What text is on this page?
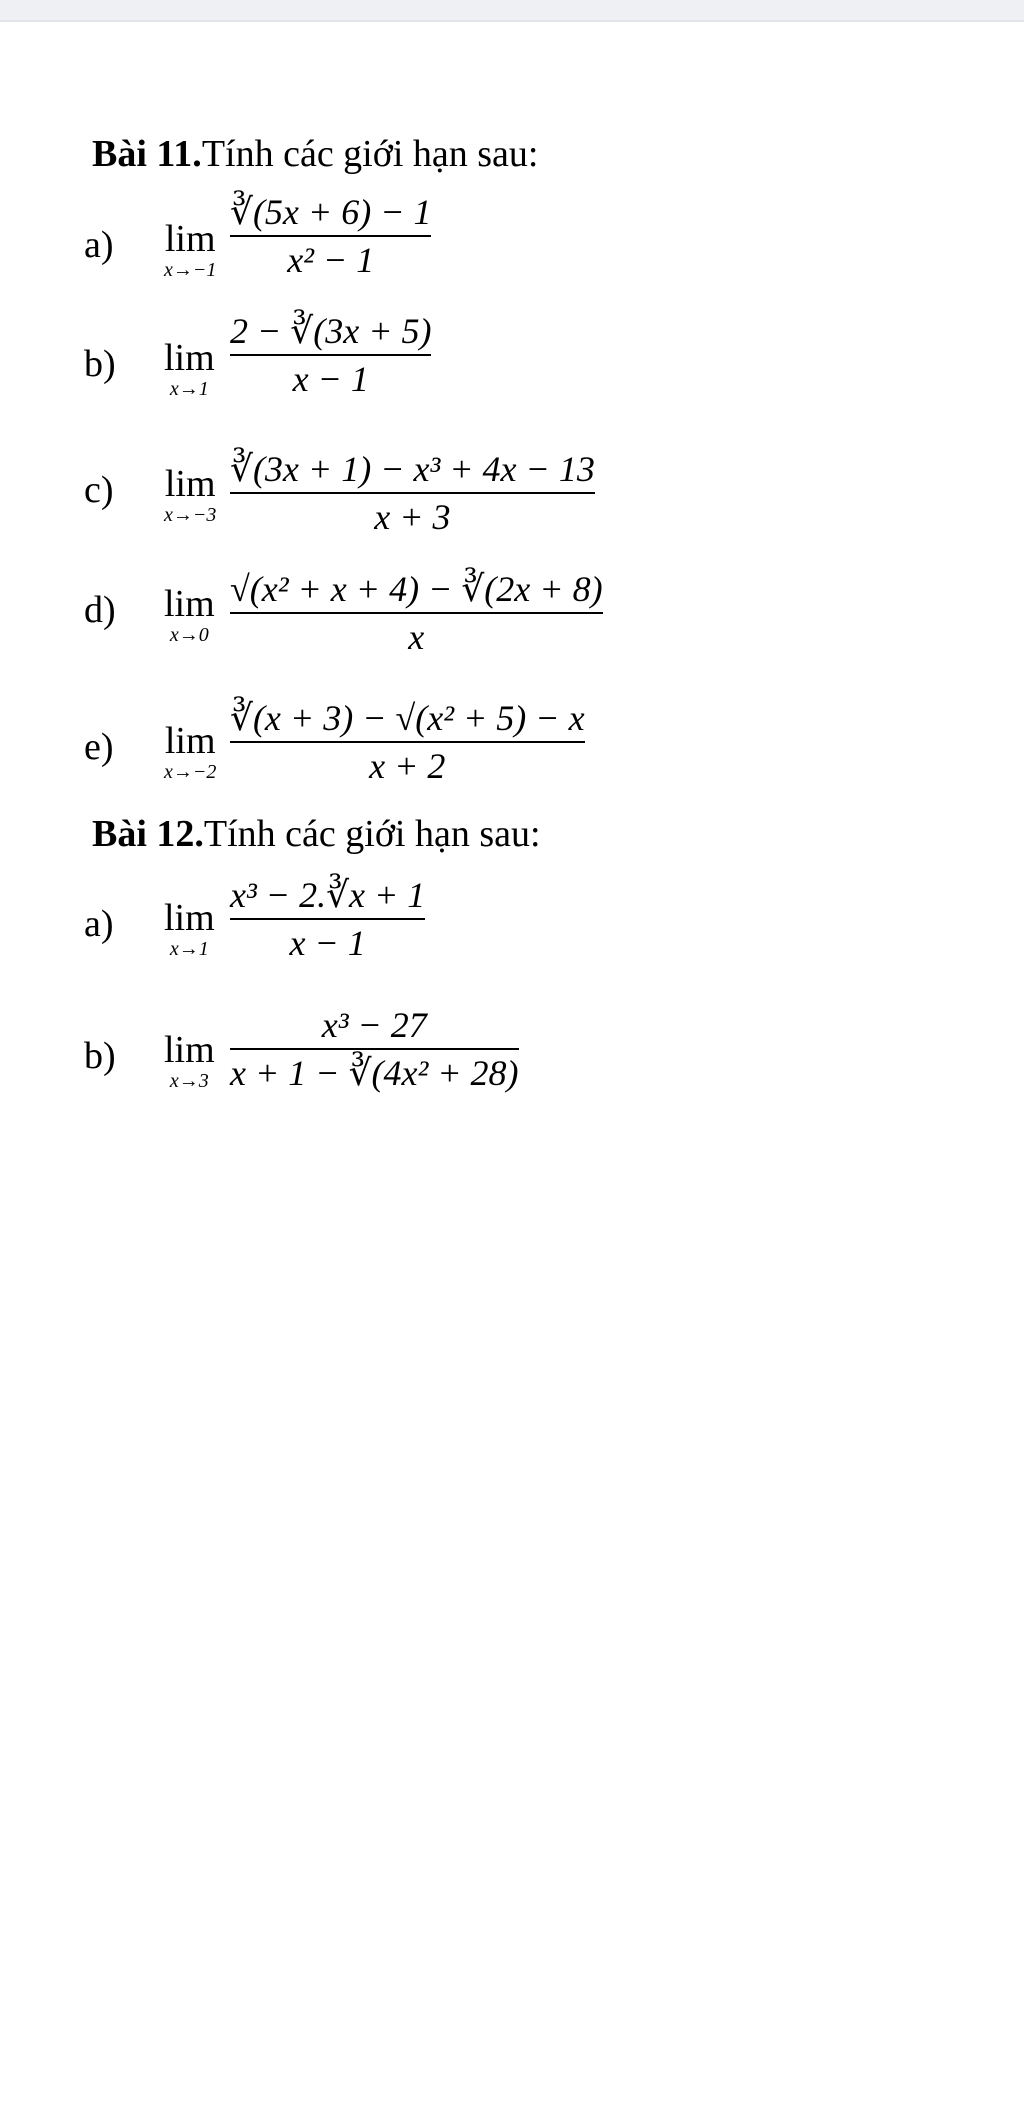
Bài 11.Tính các giới hạn sau:
a) lim
x→−1
∛(5x + 6) − 1
x² − 1
b) lim
x→1
2 − ∛(3x + 5)
x − 1
c) lim
x→−3
∛(3x + 1) − x³ + 4x − 13
x + 3
d) lim
x→0
√(x² + x + 4) − ∛(2x + 8)
x
e) lim
x→−2
∛(x + 3) − √(x² + 5) − x
x + 2
Bài 12.Tính các giới hạn sau:
a) lim
x→1
x³ − 2.∛x + 1
x − 1
b) lim
x→3
x³ − 27
x + 1 − ∛(4x² + 28)
